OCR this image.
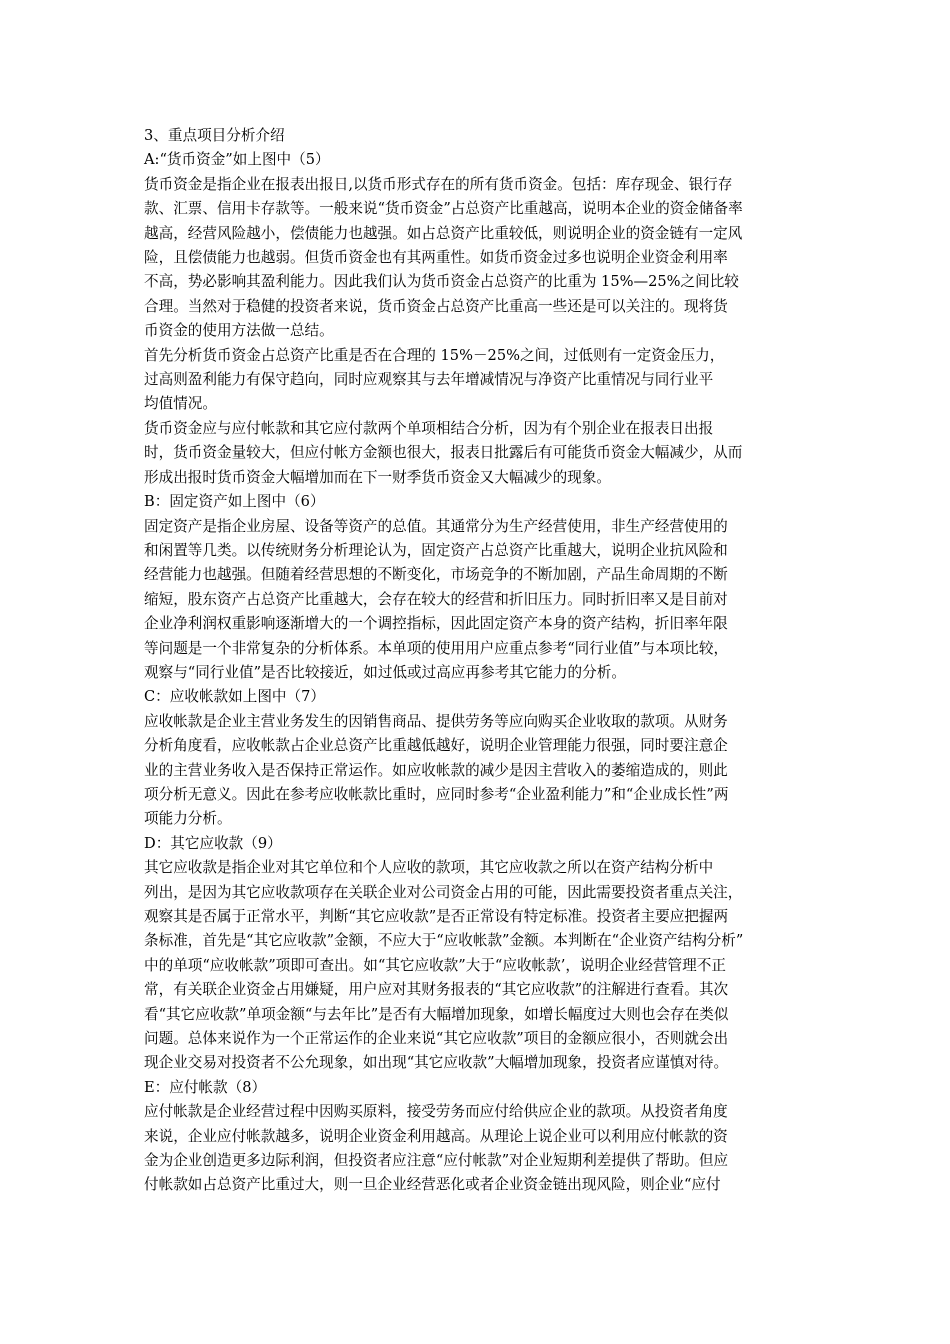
3、重点项目分析介绍

A:“货币资金”如上图中（5）

货币资金是指企业在报表出报日,以货币形式存在的所有货币资金。包括：库存现金、银行存
款、汇票、信用卡存款等。一般来说“货币资金”占总资产比重越高，说明本企业的资金储备率
越高，经营风险越小，偿债能力也越强。如占总资产比重较低，则说明企业的资金链有一定风
险，且偿债能力也越弱。但货币资金也有其两重性。如货币资金过多也说明企业资金利用率
不高，势必影响其盈利能力。因此我们认为货币资金占总资产的比重为 15%—25%之间比较
合理。当然对于稳健的投资者来说，货币资金占总资产比重高一些还是可以关注的。现将货
币资金的使用方法做一总结。

首先分析货币资金占总资产比重是否在合理的 15%－25%之间，过低则有一定资金压力，
过高则盈利能力有保守趋向，同时应观察其与去年增减情况与净资产比重情况与同行业平
均值情况。

货币资金应与应付帐款和其它应付款两个单项相结合分析，因为有个别企业在报表日出报
时，货币资金量较大，但应付帐方金额也很大，报表日批露后有可能货币资金大幅减少，从而
形成出报时货币资金大幅增加而在下一财季货币资金又大幅减少的现象。

B：固定资产如上图中（6）

固定资产是指企业房屋、设备等资产的总值。其通常分为生产经营使用，非生产经营使用的
和闲置等几类。以传统财务分析理论认为，固定资产占总资产比重越大，说明企业抗风险和
经营能力也越强。但随着经营思想的不断变化，市场竞争的不断加剧，产品生命周期的不断
缩短，股东资产占总资产比重越大，会存在较大的经营和折旧压力。同时折旧率又是目前对
企业净利润权重影响逐渐增大的一个调控指标，因此固定资产本身的资产结构，折旧率年限
等问题是一个非常复杂的分析体系。本单项的使用用户应重点参考“同行业值”与本项比较，
观察与“同行业值”是否比较接近，如过低或过高应再参考其它能力的分析。

C：应收帐款如上图中（7）

应收帐款是企业主营业务发生的因销售商品、提供劳务等应向购买企业收取的款项。从财务
分析角度看，应收帐款占企业总资产比重越低越好，说明企业管理能力很强，同时要注意企
业的主营业务收入是否保持正常运作。如应收帐款的减少是因主营收入的萎缩造成的，则此
项分析无意义。因此在参考应收帐款比重时，应同时参考“企业盈利能力”和“企业成长性”两
项能力分析。

D：其它应收款（9）

其它应收款是指企业对其它单位和个人应收的款项，其它应收款之所以在资产结构分析中
列出，是因为其它应收款项存在关联企业对公司资金占用的可能，因此需要投资者重点关注，
观察其是否属于正常水平，判断“其它应收款”是否正常设有特定标准。投资者主要应把握两
条标准，首先是“其它应收款”金额，不应大于“应收帐款”金额。本判断在“企业资产结构分析”
中的单项“应收帐款”项即可查出。如“其它应收款”大于“应收帐款’，说明企业经营管理不正
常，有关联企业资金占用嫌疑，用户应对其财务报表的“其它应收款”的注解进行查看。其次
看“其它应收款”单项金额“与去年比”是否有大幅增加现象，如增长幅度过大则也会存在类似
问题。总体来说作为一个正常运作的企业来说“其它应收款”项目的金额应很小，否则就会出
现企业交易对投资者不公允现象，如出现“其它应收款”大幅增加现象，投资者应谨慎对待。

E：应付帐款（8）

应付帐款是企业经营过程中因购买原料，接受劳务而应付给供应企业的款项。从投资者角度
来说，企业应付帐款越多，说明企业资金利用越高。从理论上说企业可以利用应付帐款的资
金为企业创造更多边际利润，但投资者应注意“应付帐款”对企业短期利差提供了帮助。但应
付帐款如占总资产比重过大，则一旦企业经营恶化或者企业资金链出现风险，则企业“应付
